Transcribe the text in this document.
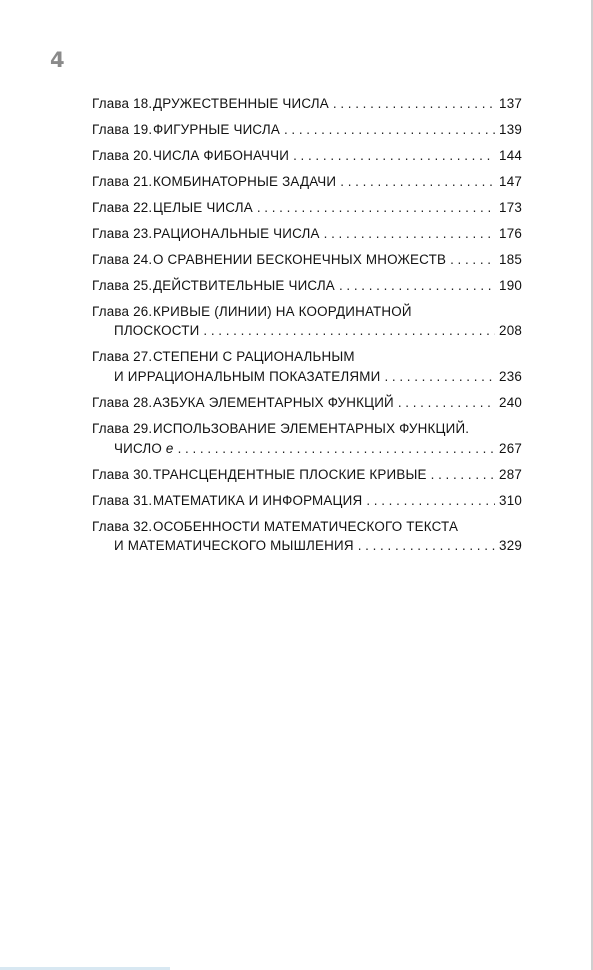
4
Глава 18. ДРУЖЕСТВЕННЫЕ ЧИСЛА . . .	137
Глава 19. ФИГУРНЫЕ ЧИСЛА . . .	139
Глава 20. ЧИСЛА ФИБОНАЧЧИ . . .	144
Глава 21. КОМБИНАТОРНЫЕ ЗАДАЧИ . . .	147
Глава 22. ЦЕЛЫЕ ЧИСЛА . . .	173
Глава 23. РАЦИОНАЛЬНЫЕ ЧИСЛА . . .	176
Глава 24. О СРАВНЕНИИ БЕСКОНЕЧНЫХ МНОЖЕСТВ . . .	185
Глава 25. ДЕЙСТВИТЕЛЬНЫЕ ЧИСЛА . . .	190
Глава 26. КРИВЫЕ (ЛИНИИ) НА КООРДИНАТНОЙ
ПЛОСКОСТИ . . .	208
Глава 27. СТЕПЕНИ С РАЦИОНАЛЬНЫМ
И ИРРАЦИОНАЛЬНЫМ ПОКАЗАТЕЛЯМИ . . .	236
Глава 28. АЗБУКА ЭЛЕМЕНТАРНЫХ ФУНКЦИЙ . . .	240
Глава 29. ИСПОЛЬЗОВАНИЕ ЭЛЕМЕНТАРНЫХ ФУНКЦИЙ.
ЧИСЛО e . . .	267
Глава 30. ТРАНСЦЕНДЕНТНЫЕ ПЛОСКИЕ КРИВЫЕ . . .	287
Глава 31. МАТЕМАТИКА И ИНФОРМАЦИЯ . . .	310
Глава 32. ОСОБЕННОСТИ МАТЕМАТИЧЕСКОГО ТЕКСТА
И МАТЕМАТИЧЕСКОГО МЫШЛЕНИЯ . . .	329
